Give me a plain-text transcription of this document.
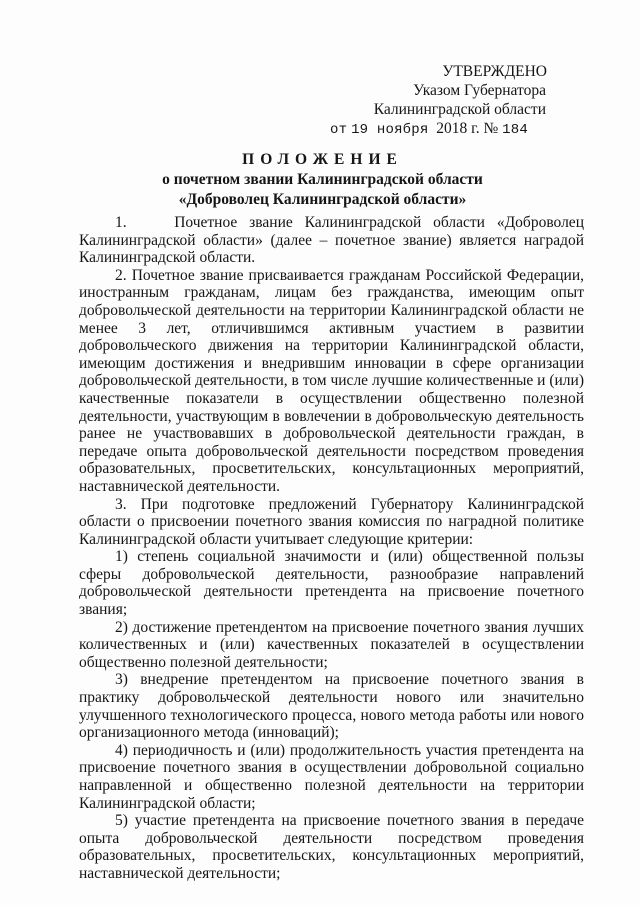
УТВЕРЖДЕНО
Указом Губернатора
Калининградской области
от 19 ноября 2018 г. № 184
ПОЛОЖЕНИЕ
о почетном звании Калининградской области
«Доброволец Калининградской области»

1.    Почетное звание Калининградской области «Доброволец Калининградской области» (далее – почетное звание) является наградой Калининградской области.

2. Почетное звание присваивается гражданам Российской Федерации, иностранным гражданам, лицам без гражданства, имеющим опыт добровольческой деятельности на территории Калининградской области не менее 3 лет, отличившимся активным участием в развитии добровольческого движения на территории Калининградской области, имеющим достижения и внедрившим инновации в сфере организации добровольческой деятельности, в том числе лучшие количественные и (или) качественные показатели в осуществлении общественно полезной деятельности, участвующим в вовлечении в добровольческую деятельность ранее не участвовавших в добровольческой деятельности граждан, в передаче опыта добровольческой деятельности посредством проведения образовательных, просветительских, консультационных мероприятий, наставнической деятельности.

3. При подготовке предложений Губернатору Калининградской области о присвоении почетного звания комиссия по наградной политике Калининградской области учитывает следующие критерии:

1) степень социальной значимости и (или) общественной пользы сферы добровольческой деятельности, разнообразие направлений добровольческой деятельности претендента на присвоение почетного звания;

2) достижение претендентом на присвоение почетного звания лучших количественных и (или) качественных показателей в осуществлении общественно полезной деятельности;

3) внедрение претендентом на присвоение почетного звания в практику добровольческой деятельности нового или значительно улучшенного технологического процесса, нового метода работы или нового организационного метода (инноваций);

4) периодичность и (или) продолжительность участия претендента на присвоение почетного звания в осуществлении добровольной социально направленной и общественно полезной деятельности на территории Калининградской области;

5) участие претендента на присвоение почетного звания в передаче опыта добровольческой деятельности посредством проведения образовательных, просветительских, консультационных мероприятий, наставнической деятельности;
